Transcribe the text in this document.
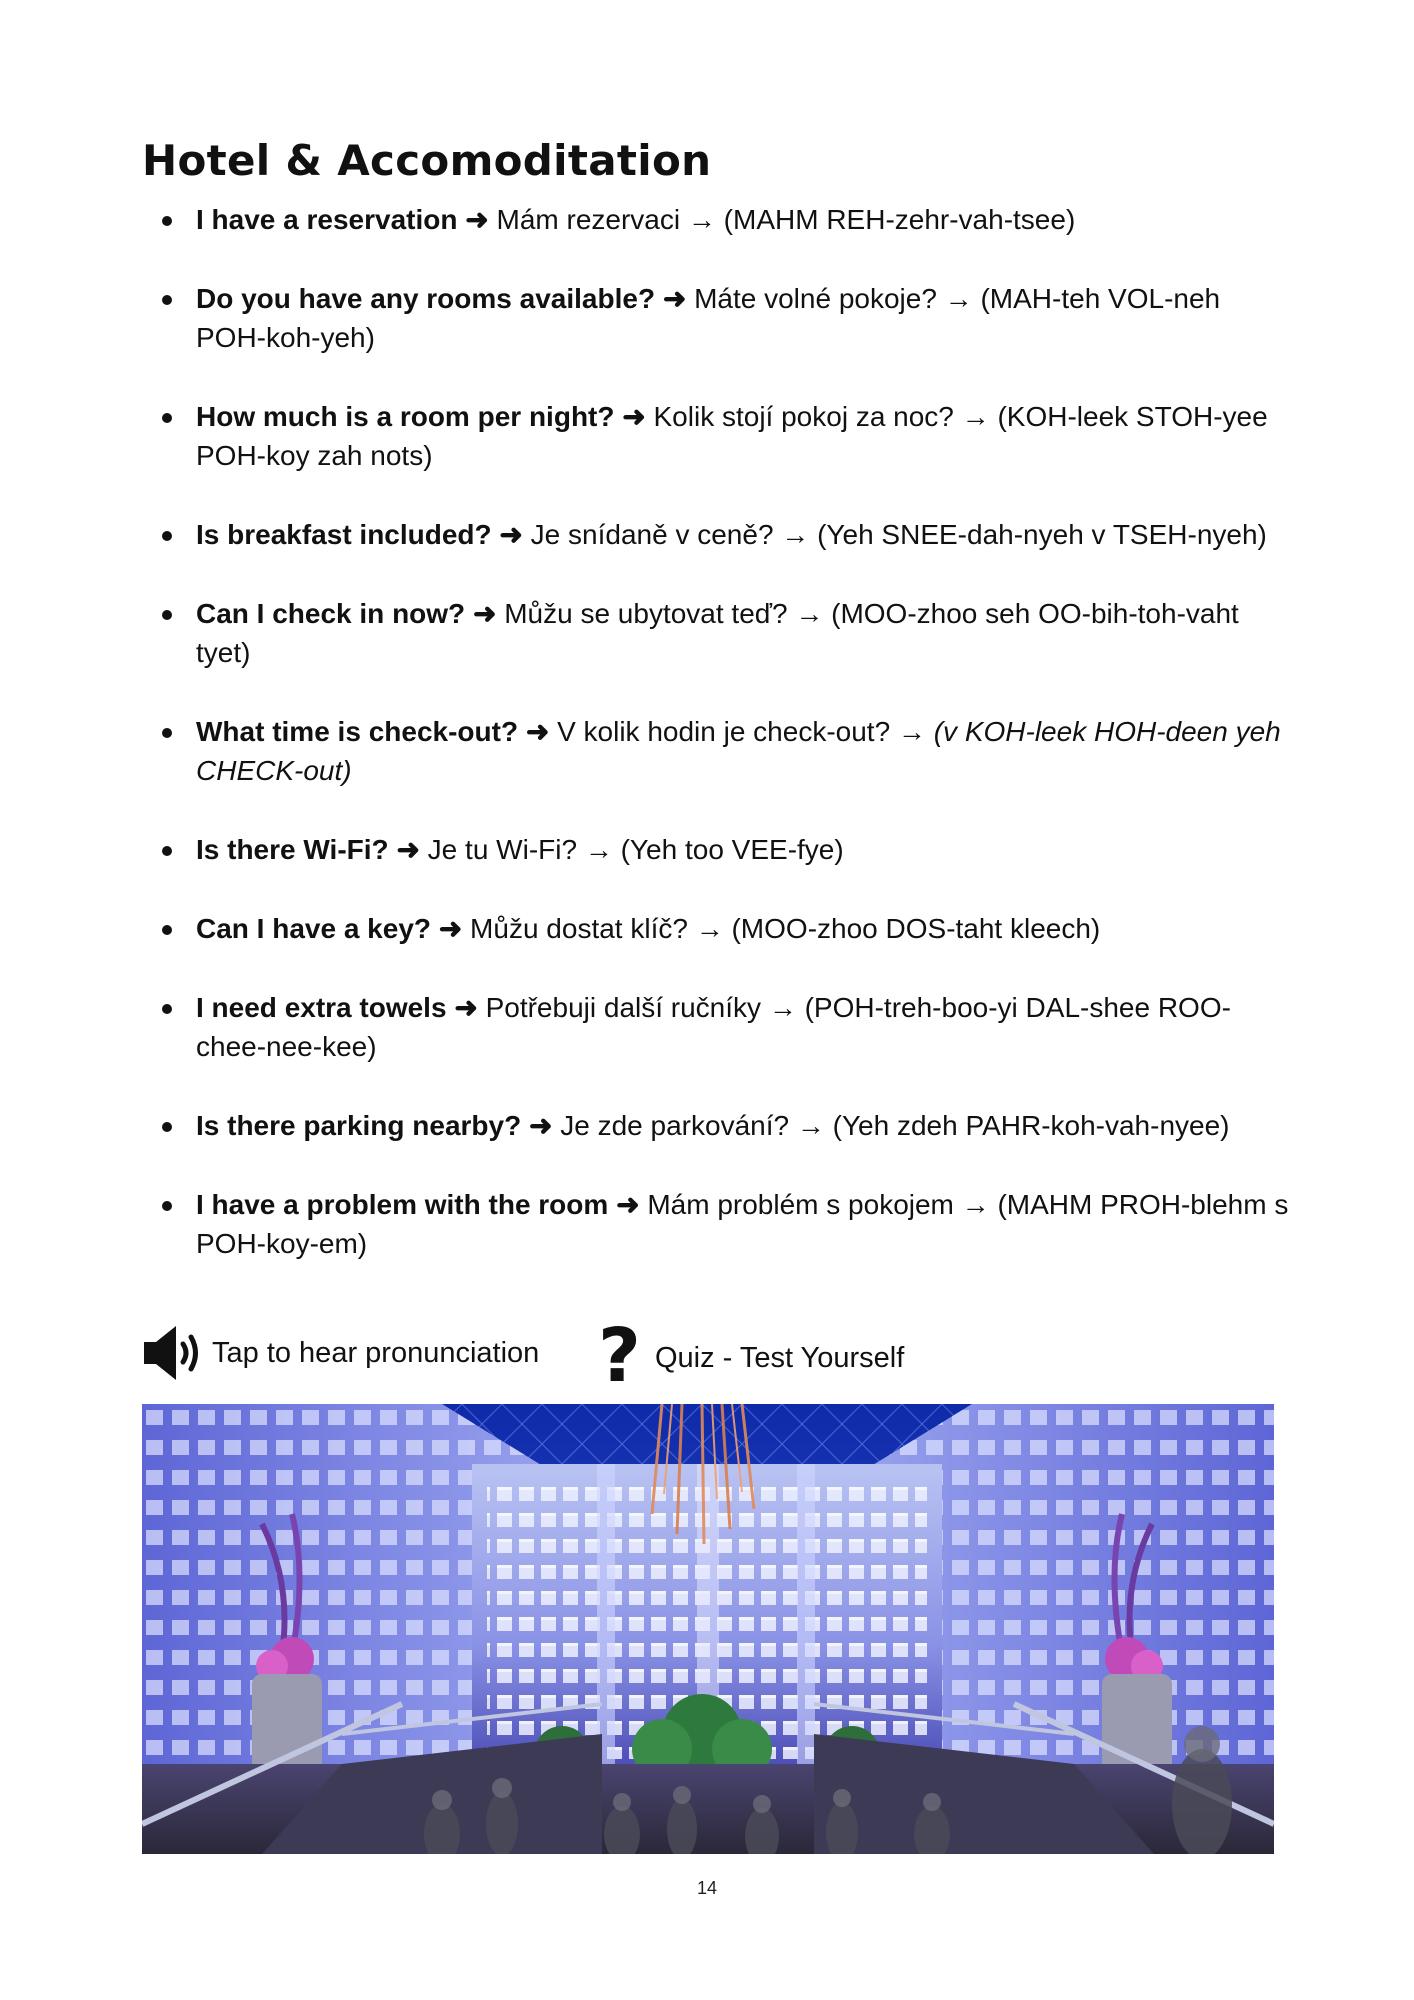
Hotel & Accomoditation
I have a reservation ➜ Mám rezervaci → (MAHM REH-zehr-vah-tsee)
Do you have any rooms available? ➜ Máte volné pokoje? → (MAH-teh VOL-neh POH-koh-yeh)
How much is a room per night? ➜ Kolik stojí pokoj za noc? → (KOH-leek STOH-yee POH-koy zah nots)
Is breakfast included? ➜ Je snídaně v ceně? → (Yeh SNEE-dah-nyeh v TSEH-nyeh)
Can I check in now? ➜ Můžu se ubytovat teď? → (MOO-zhoo seh OO-bih-toh-vaht tyet)
What time is check-out? ➜ V kolik hodin je check-out? → (v KOH-leek HOH-deen yeh CHECK-out)
Is there Wi-Fi? ➜ Je tu Wi-Fi? → (Yeh too VEE-fye)
Can I have a key? ➜ Můžu dostat klíč? → (MOO-zhoo DOS-taht kleech)
I need extra towels ➜ Potřebuji další ručníky → (POH-treh-boo-yi DAL-shee ROO-chee-nee-kee)
Is there parking nearby? ➜ Je zde parkování? → (Yeh zdeh PAHR-koh-vah-nyee)
I have a problem with the room ➜ Mám problém s pokojem → (MAHM PROH-blehm s POH-koy-em)
Tap to hear pronunciation ? Quiz - Test Yourself
14
